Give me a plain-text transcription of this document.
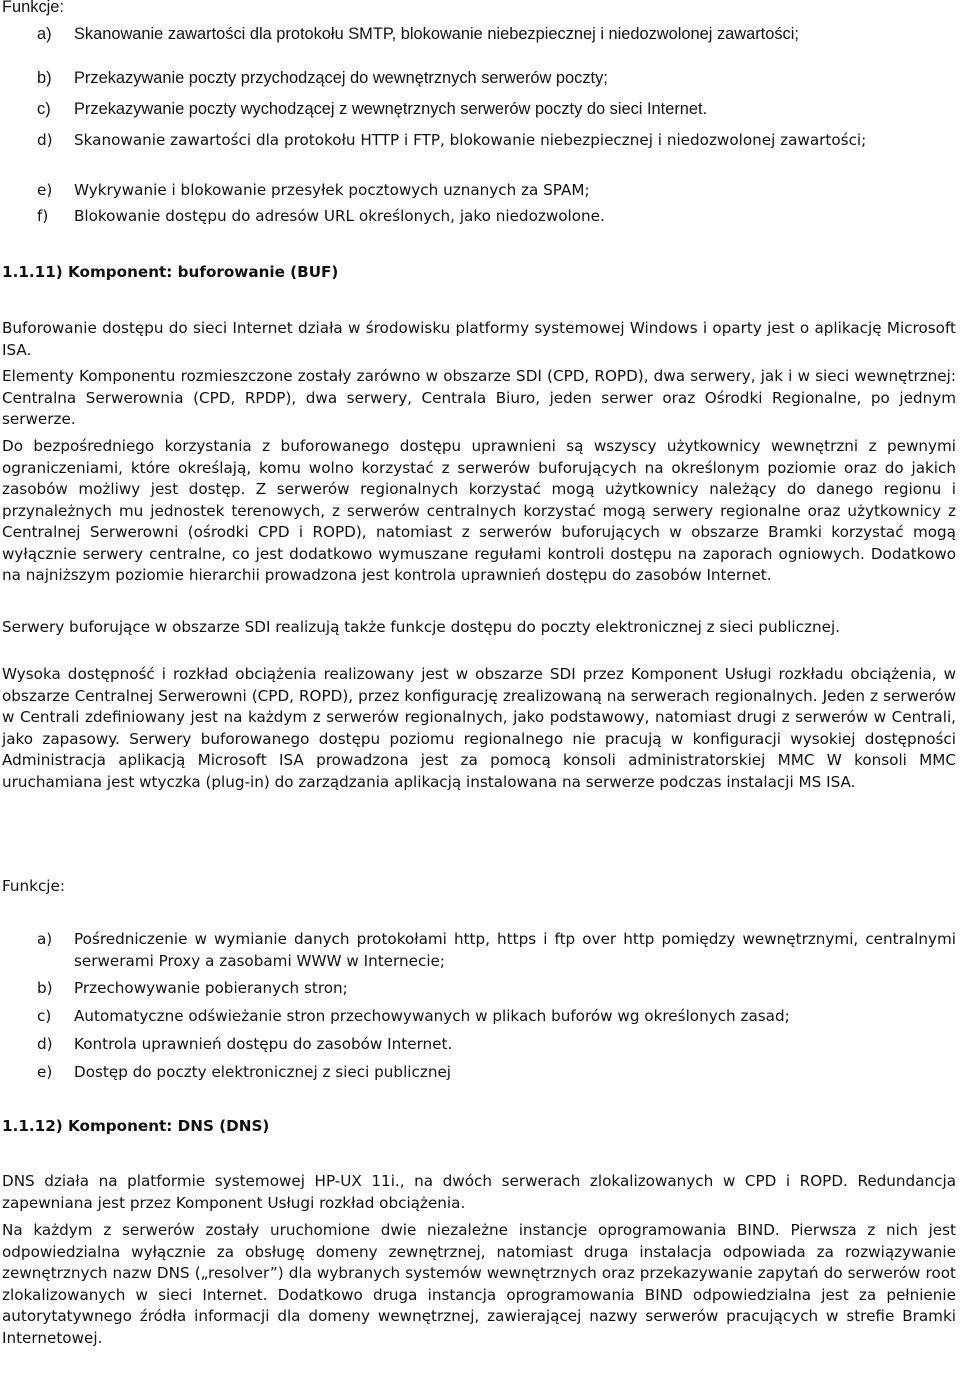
Funkcje:
a)	Skanowanie zawartości dla protokołu SMTP, blokowanie niebezpiecznej i niedozwolonej zawartości;
b)	Przekazywanie poczty przychodzącej do wewnętrznych serwerów poczty;
c)	Przekazywanie poczty wychodzącej z wewnętrznych serwerów poczty do sieci Internet.
d)	Skanowanie zawartości dla protokołu HTTP i FTP, blokowanie niebezpiecznej i niedozwolonej zawartości;
e)	Wykrywanie i blokowanie przesyłek pocztowych uznanych za SPAM;
f)	Blokowanie dostępu do adresów URL określonych, jako niedozwolone.
1.1.11) Komponent: buforowanie (BUF)
Buforowanie dostępu do sieci Internet działa w środowisku platformy systemowej Windows i oparty jest o aplikację Microsoft ISA.
Elementy Komponentu rozmieszczone zostały zarówno w obszarze SDI (CPD, ROPD), dwa serwery, jak i w sieci wewnętrznej: Centralna Serwerownia (CPD, RPDP), dwa serwery, Centrala Biuro, jeden serwer oraz Ośrodki Regionalne, po jednym serwerze.
Do bezpośredniego korzystania z buforowanego dostępu uprawnieni są wszyscy użytkownicy wewnętrzni z pewnymi ograniczeniami, które określają, komu wolno korzystać z serwerów buforujących na określonym poziomie oraz do jakich zasobów możliwy jest dostęp. Z serwerów regionalnych korzystać mogą użytkownicy należący do danego regionu i przynależnych mu jednostek terenowych, z serwerów centralnych korzystać mogą serwery regionalne oraz użytkownicy z Centralnej Serwerowni (ośrodki CPD i ROPD), natomiast z serwerów buforujących w obszarze Bramki korzystać mogą wyłącznie serwery centralne, co jest dodatkowo wymuszane regułami kontroli dostępu na zaporach ogniowych. Dodatkowo na najniższym poziomie hierarchii prowadzona jest kontrola uprawnień dostępu do zasobów Internet.
Serwery buforujące w obszarze SDI realizują także funkcje dostępu do poczty elektronicznej z sieci publicznej.
Wysoka dostępność i rozkład obciążenia realizowany jest w obszarze SDI przez Komponent Usługi rozkładu obciążenia, w obszarze Centralnej Serwerowni (CPD, ROPD), przez konfigurację zrealizowaną na serwerach regionalnych. Jeden z serwerów w Centrali zdefiniowany jest na każdym z serwerów regionalnych, jako podstawowy, natomiast drugi z serwerów w Centrali, jako zapasowy. Serwery buforowanego dostępu poziomu regionalnego nie pracują w konfiguracji wysokiej dostępności Administracja aplikacją Microsoft ISA prowadzona jest za pomocą konsoli administratorskiej MMC W konsoli MMC uruchamiana jest wtyczka (plug-in) do zarządzania aplikacją instalowana na serwerze podczas instalacji MS ISA.
Funkcje:
a)	Pośredniczenie w wymianie danych protokołami http, https i ftp over http pomiędzy wewnętrznymi, centralnymi serwerami Proxy a zasobami WWW w Internecie;
b)	Przechowywanie pobieranych stron;
c)	Automatyczne odświeżanie stron przechowywanych w plikach buforów wg określonych zasad;
d)	Kontrola uprawnień dostępu do zasobów Internet.
e)	Dostęp do poczty elektronicznej z sieci publicznej
1.1.12) Komponent: DNS (DNS)
DNS działa na platformie systemowej HP-UX 11i., na dwóch serwerach zlokalizowanych w CPD i ROPD. Redundancja zapewniana jest przez Komponent Usługi rozkład obciążenia.
Na każdym z serwerów zostały uruchomione dwie niezależne instancje oprogramowania BIND. Pierwsza z nich jest odpowiedzialna wyłącznie za obsługę domeny zewnętrznej, natomiast druga instalacja odpowiada za rozwiązywanie zewnętrznych nazw DNS („resolver”) dla wybranych systemów wewnętrznych oraz przekazywanie zapytań do serwerów root zlokalizowanych w sieci Internet. Dodatkowo druga instancja oprogramowania BIND odpowiedzialna jest za pełnienie autorytatywnego źródła informacji dla domeny wewnętrznej, zawierającej nazwy serwerów pracujących w strefie Bramki Internetowej.
